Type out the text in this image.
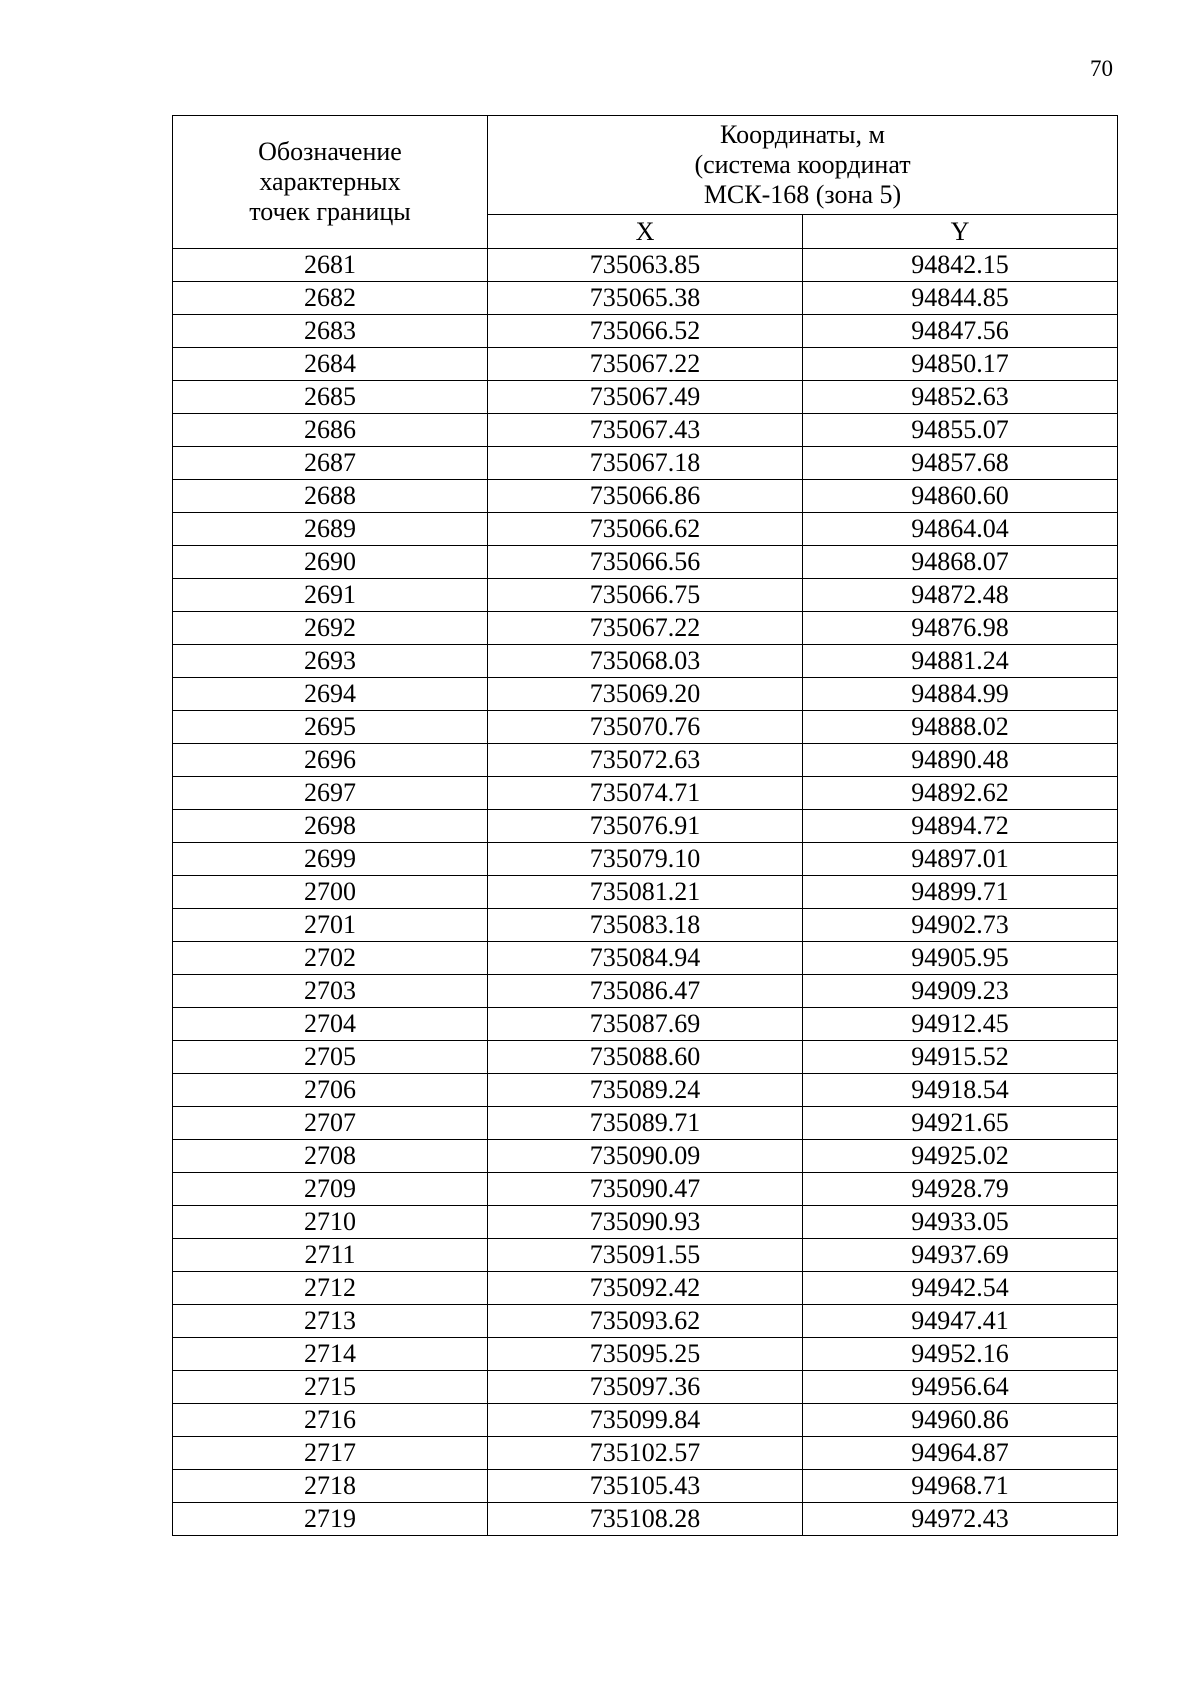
70
Обозначение
характерных
точек границы	Координаты, м
(система координат
МСК-168 (зона 5)	

	X	Y
2681	735063.85	94842.15
2682	735065.38	94844.85
2683	735066.52	94847.56
2684	735067.22	94850.17
2685	735067.49	94852.63
2686	735067.43	94855.07
2687	735067.18	94857.68
2688	735066.86	94860.60
2689	735066.62	94864.04
2690	735066.56	94868.07
2691	735066.75	94872.48
2692	735067.22	94876.98
2693	735068.03	94881.24
2694	735069.20	94884.99
2695	735070.76	94888.02
2696	735072.63	94890.48
2697	735074.71	94892.62
2698	735076.91	94894.72
2699	735079.10	94897.01
2700	735081.21	94899.71
2701	735083.18	94902.73
2702	735084.94	94905.95
2703	735086.47	94909.23
2704	735087.69	94912.45
2705	735088.60	94915.52
2706	735089.24	94918.54
2707	735089.71	94921.65
2708	735090.09	94925.02
2709	735090.47	94928.79
2710	735090.93	94933.05
2711	735091.55	94937.69
2712	735092.42	94942.54
2713	735093.62	94947.41
2714	735095.25	94952.16
2715	735097.36	94956.64
2716	735099.84	94960.86
2717	735102.57	94964.87
2718	735105.43	94968.71
2719	735108.28	94972.43
